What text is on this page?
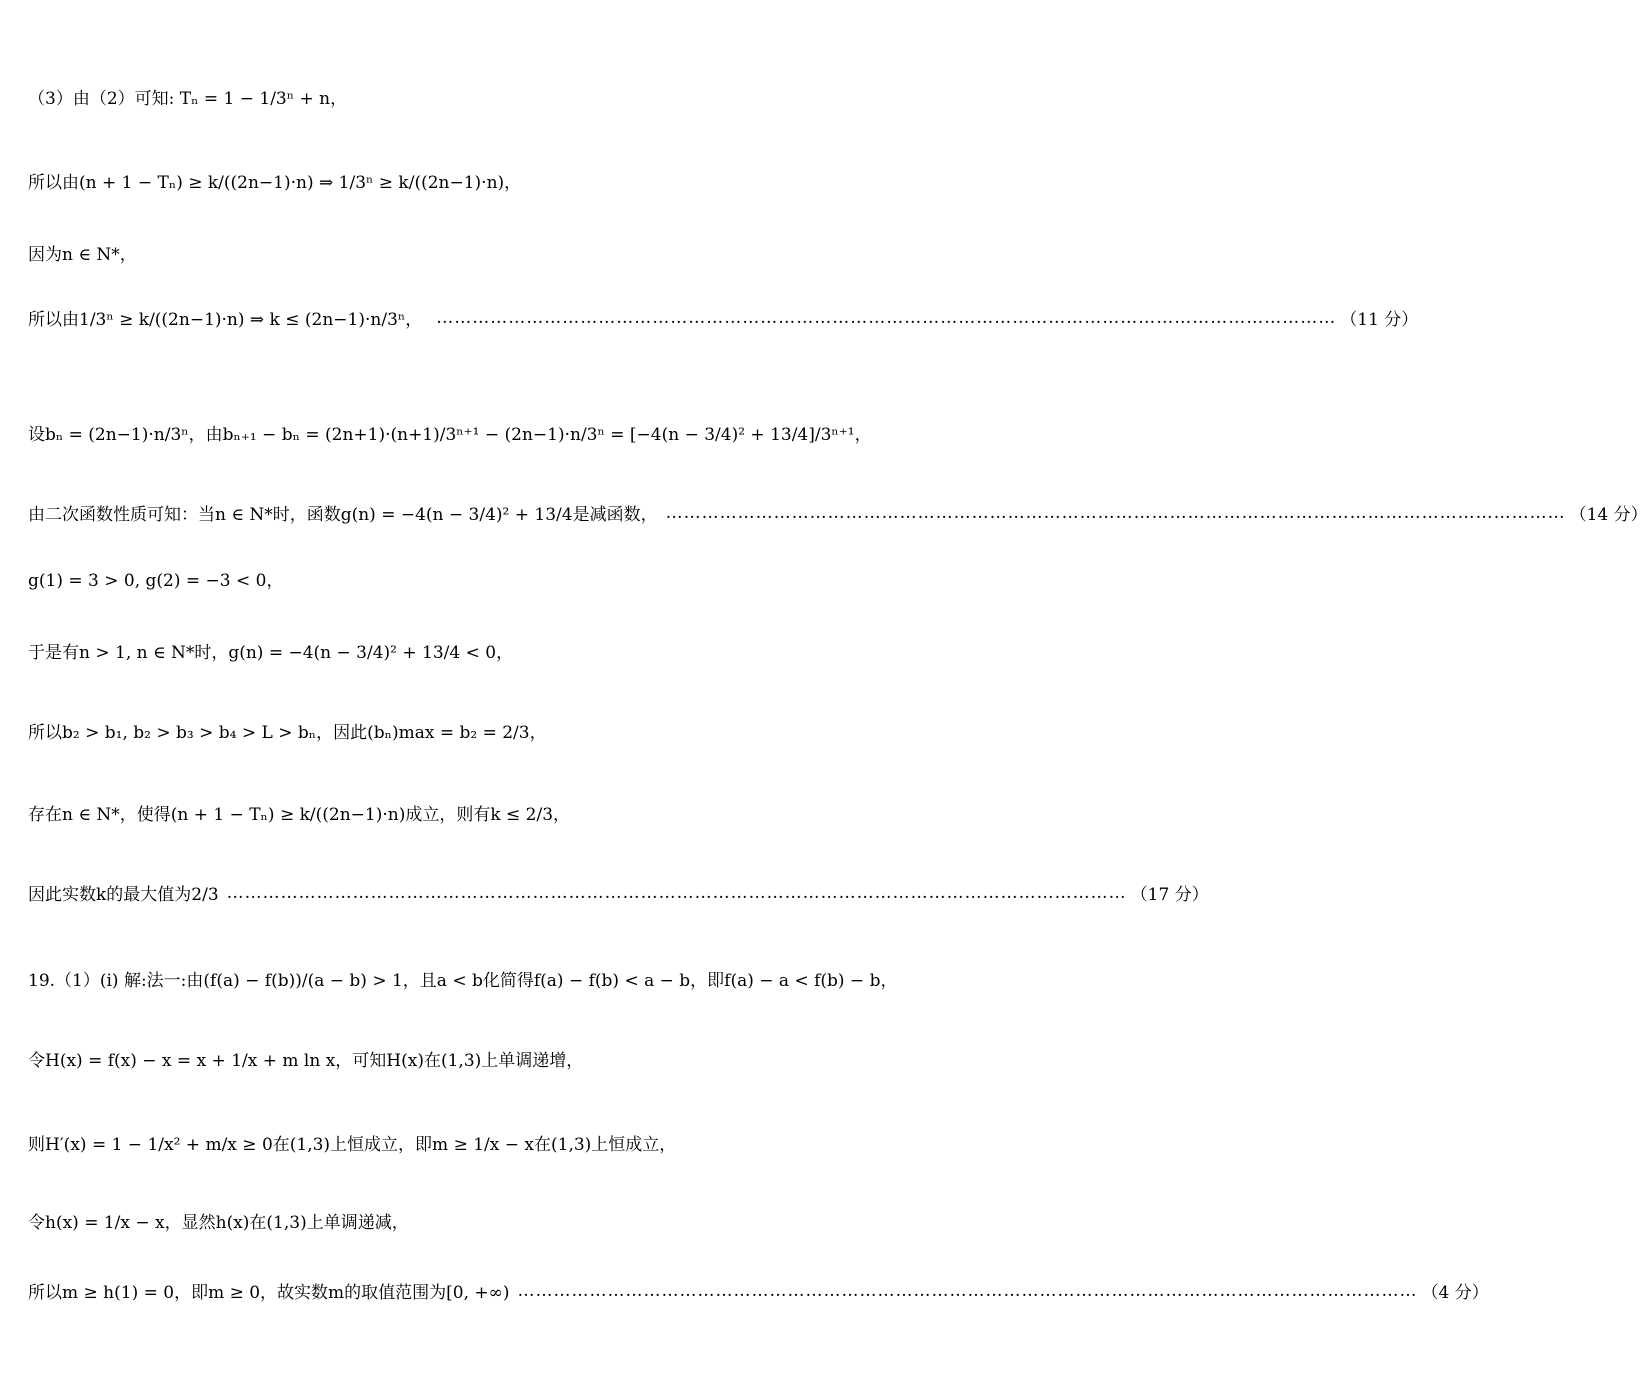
（3）由（2）可知: Tₙ = 1 − 1/3ⁿ + n，
所以由(n + 1 − Tₙ) ≥ k/((2n−1)·n) ⇒ 1/3ⁿ ≥ k/((2n−1)·n)，
因为n ∈ N*，
所以由1/3ⁿ ≥ k/((2n−1)·n) ⇒ k ≤ (2n−1)·n/3ⁿ， …………………………………………………………………………………………………………………………………… （11 分）
设bₙ = (2n−1)·n/3ⁿ，由bₙ₊₁ − bₙ = (2n+1)·(n+1)/3ⁿ⁺¹ − (2n−1)·n/3ⁿ = [−4(n − 3/4)² + 13/4]/3ⁿ⁺¹，
由二次函数性质可知：当n ∈ N*时，函数g(n) = −4(n − 3/4)² + 13/4是减函数， …………………………………………………………………………………………………………………………………… （14 分）
g(1) = 3 > 0, g(2) = −3 < 0，
于是有n > 1, n ∈ N*时，g(n) = −4(n − 3/4)² + 13/4 < 0，
所以b₂ > b₁, b₂ > b₃ > b₄ > L > bₙ，因此(bₙ)max = b₂ = 2/3，
存在n ∈ N*，使得(n + 1 − Tₙ) ≥ k/((2n−1)·n)成立，则有k ≤ 2/3，
因此实数k的最大值为2/3 …………………………………………………………………………………………………………………………………… （17 分）
19.（1）(i) 解:法一:由(f(a) − f(b))/(a − b) > 1，且a < b化简得f(a) − f(b) < a − b，即f(a) − a < f(b) − b，
令H(x) = f(x) − x = x + 1/x + m ln x，可知H(x)在(1,3)上单调递增，
则H′(x) = 1 − 1/x² + m/x ≥ 0在(1,3)上恒成立，即m ≥ 1/x − x在(1,3)上恒成立，
令h(x) = 1/x − x，显然h(x)在(1,3)上单调递减，
所以m ≥ h(1) = 0，即m ≥ 0，故实数m的取值范围为[0, +∞) …………………………………………………………………………………………………………………………………… （4 分）
